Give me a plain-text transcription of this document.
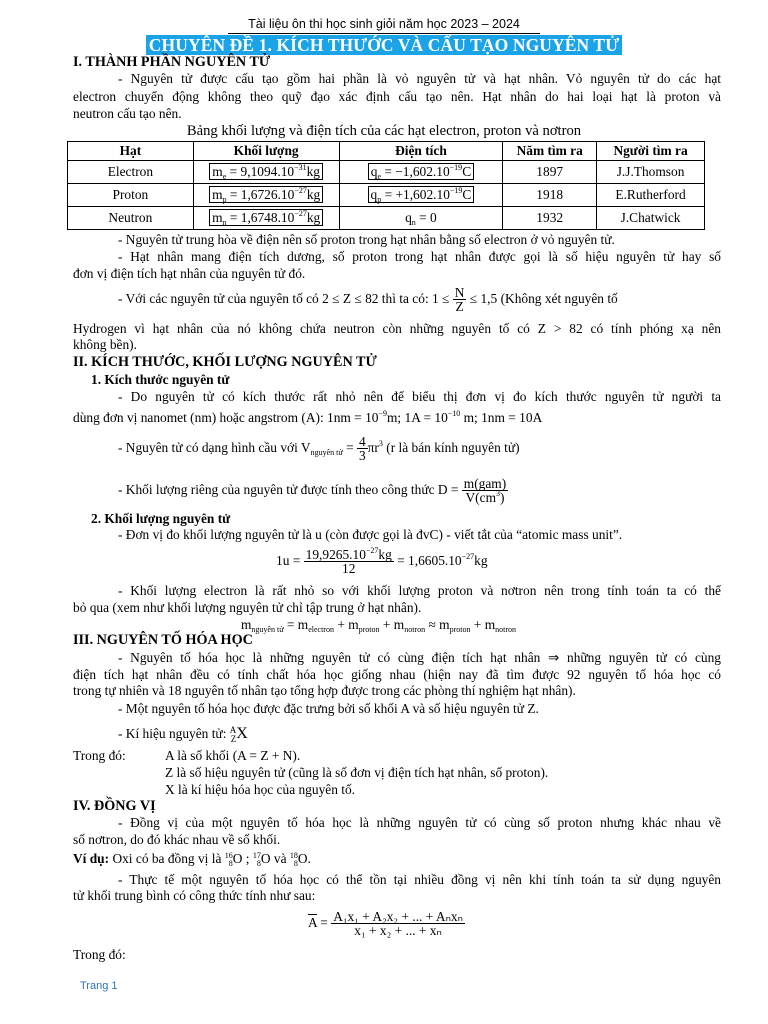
Tài liệu ôn thi học sinh giỏi năm học 2023 – 2024
CHUYÊN ĐỀ 1. KÍCH THƯỚC VÀ CẤU TẠO NGUYÊN TỬ
I. THÀNH PHẦN NGUYÊN TỬ
- Nguyên tử được cấu tạo gồm hai phần là vỏ nguyên tử và hạt nhân. Vỏ nguyên tử do các hạt
electron chuyển động không theo quỹ đạo xác định cấu tạo nên. Hạt nhân do hai loại hạt là proton và
neutron cấu tạo nên.
Bảng khối lượng và điện tích của các hạt electron, proton và nơtron
Hạt	Khối lượng	Điện tích	Năm tìm ra	Người tìm ra
Electron	$m_e = 9,1094.10^{-31}kg$	$q_e = -1,602.10^{-19}C$	1897	J.J.Thomson
Proton	$m_p = 1,6726.10^{-27}kg$	$q_p = +1,602.10^{-19}C$	1918	E.Rutherford
Neutron	$m_n = 1,6748.10^{-27}kg$	$q_n = 0$	1932	J.Chatwick
- Nguyên tử trung hòa về điện nên số proton trong hạt nhân bằng số electron ở vỏ nguyên tử.
- Hạt nhân mang điện tích dương, số proton trong hạt nhân được gọi là số hiệu nguyên tử hay số
đơn vị điện tích hạt nhân của nguyên tử đó.
- Với các nguyên tử của nguyên tố có 2 ≤ Z ≤ 82 thì ta có: $1 \le \frac{N}{Z} \le 1,5$ (Không xét nguyên tố
Hydrogen vì hạt nhân của nó không chứa neutron còn những nguyên tố có Z > 82 có tính phóng xạ nên
không bền).
II. KÍCH THƯỚC, KHỐI LƯỢNG NGUYÊN TỬ
1. Kích thước nguyên tử
- Do nguyên tử có kích thước rất nhỏ nên để biểu thị đơn vị đo kích thước nguyên tử người ta
dùng đơn vị nanomet (nm) hoặc angstrom (A): $1nm = 10^{-9}m$; $1A = 10^{-10}$ m; 1nm = 10A
- Nguyên tử có dạng hình cầu với $V_{nguyên tử} = \frac{4}{3} \pi r^3$ (r là bán kính nguyên tử)
- Khối lượng riêng của nguyên tử được tính theo công thức $D = \frac{\text{m(gam)}}{V(cm^3)}$
2. Khối lượng nguyên tử
- Đơn vị đo khối lượng nguyên tử là u (còn được gọi là đvC) - viết tắt của “atomic mass unit”.
$1u = \frac{19,9265.10^{-27}kg}{12} = 1,6605.10^{-27}kg$
- Khối lượng electron là rất nhỏ so với khối lượng proton và nơtron nên trong tính toán ta có thể
bỏ qua (xem như khối lượng nguyên tử chỉ tập trung ở hạt nhân).
$m_{nguyên tử} = m_{electron} + m_{proton} + m_{notron} \approx m_{proton} + m_{notron}$
III. NGUYÊN TỐ HÓA HỌC
- Nguyên tố hóa học là những nguyên tử có cùng điện tích hạt nhân ⇒ những nguyên tử có cùng
điện tích hạt nhân đều có tính chất hóa học giống nhau (hiện nay đã tìm được 92 nguyên tố hóa học có
trong tự nhiên và 18 nguyên tố nhân tạo tổng hợp được trong các phòng thí nghiệm hạt nhân).
- Một nguyên tố hóa học được đặc trưng bởi số khối A và số hiệu nguyên tử Z.
- Kí hiệu nguyên tử: A
Z X
Trong đó:	A là số khối (A = Z + N).
Z là số hiệu nguyên tử (cũng là số đơn vị điện tích hạt nhân, số proton).
X là kí hiệu hóa học của nguyên tố.
IV. ĐỒNG VỊ
- Đồng vị của một nguyên tố hóa học là những nguyên tử có cùng số proton nhưng khác nhau về
số nơtron, do đó khác nhau về số khối.
Ví dụ: Oxi có ba đồng vị là 16
8 O ; 17
8 O và 18
8 O.
- Thực tế một nguyên tố hóa học có thể tồn tại nhiều đồng vị nên khi tính toán ta sử dụng nguyên
tử khối trung bình có công thức tính như sau:
$\overline{A} = \frac{\text{A₁x₁ + A₂x₂ + ... + Aₙxₙ}}{\text{x₁ + x₂ + ... + xₙ}}$
Trong đó:
Trang 1
